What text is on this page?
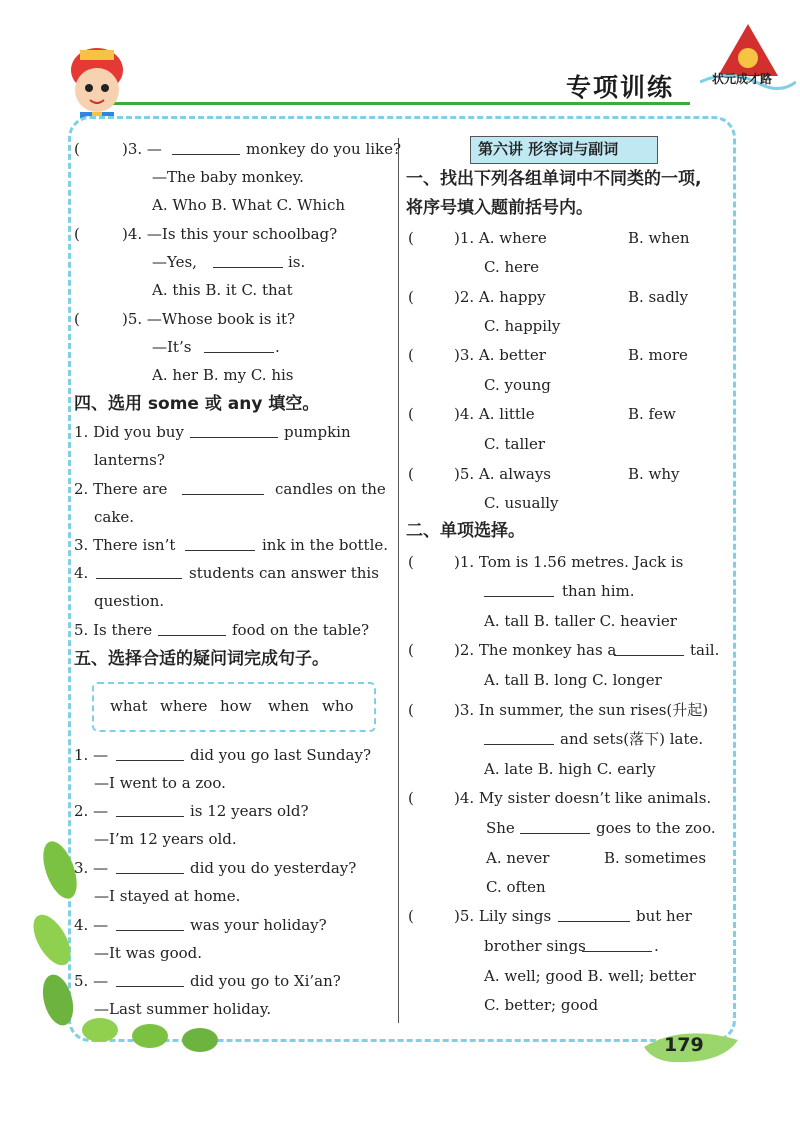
专项训练	状元成才路
(	)3. —	monkey do you like?
—The baby monkey.
A. Who B. What C. Which
(	)4. —Is this your schoolbag?
—Yes,	is.
A. this B. it C. that
(	)5. —Whose book is it?
—It’s	.
A. her B. my C. his
四、选用 some 或 any 填空。
1. Did you buy	pumpkin
lanterns?
2. There are	candles on the
cake.
3. There isn’t	ink in the bottle.
4.	students can answer this
question.
5. Is there	food on the table?
五、选择合适的疑问词完成句子。
what where how when who
1. —	did you go last Sunday?
—I went to a zoo.
2. —	is 12 years old?
—I’m 12 years old.
3. —	did you do yesterday?
—I stayed at home.
4. —	was your holiday?
—It was good.
5. —	did you go to Xi’an?
—Last summer holiday.
第六讲 形容词与副词
一、找出下列各组单词中不同类的一项,
将序号填入题前括号内。
(	)1. A. where	B. when
C. here
(	)2. A. happy	B. sadly
C. happily
(	)3. A. better	B. more
C. young
(	)4. A. little	B. few
C. taller
(	)5. A. always	B. why
C. usually
二、单项选择。
(	)1. Tom is 1.56 metres. Jack is
than him.
A. tall B. taller C. heavier
(	)2. The monkey has a	tail.
A. tall B. long C. longer
(	)3. In summer, the sun rises(升起)
and sets(落下) late.
A. late B. high C. early
(	)4. My sister doesn’t like animals.
She	goes to the zoo.
A. never	B. sometimes
C. often
(	)5. Lily sings	but her
brother sings	.
A. well; good B. well; better
C. better; good
179
